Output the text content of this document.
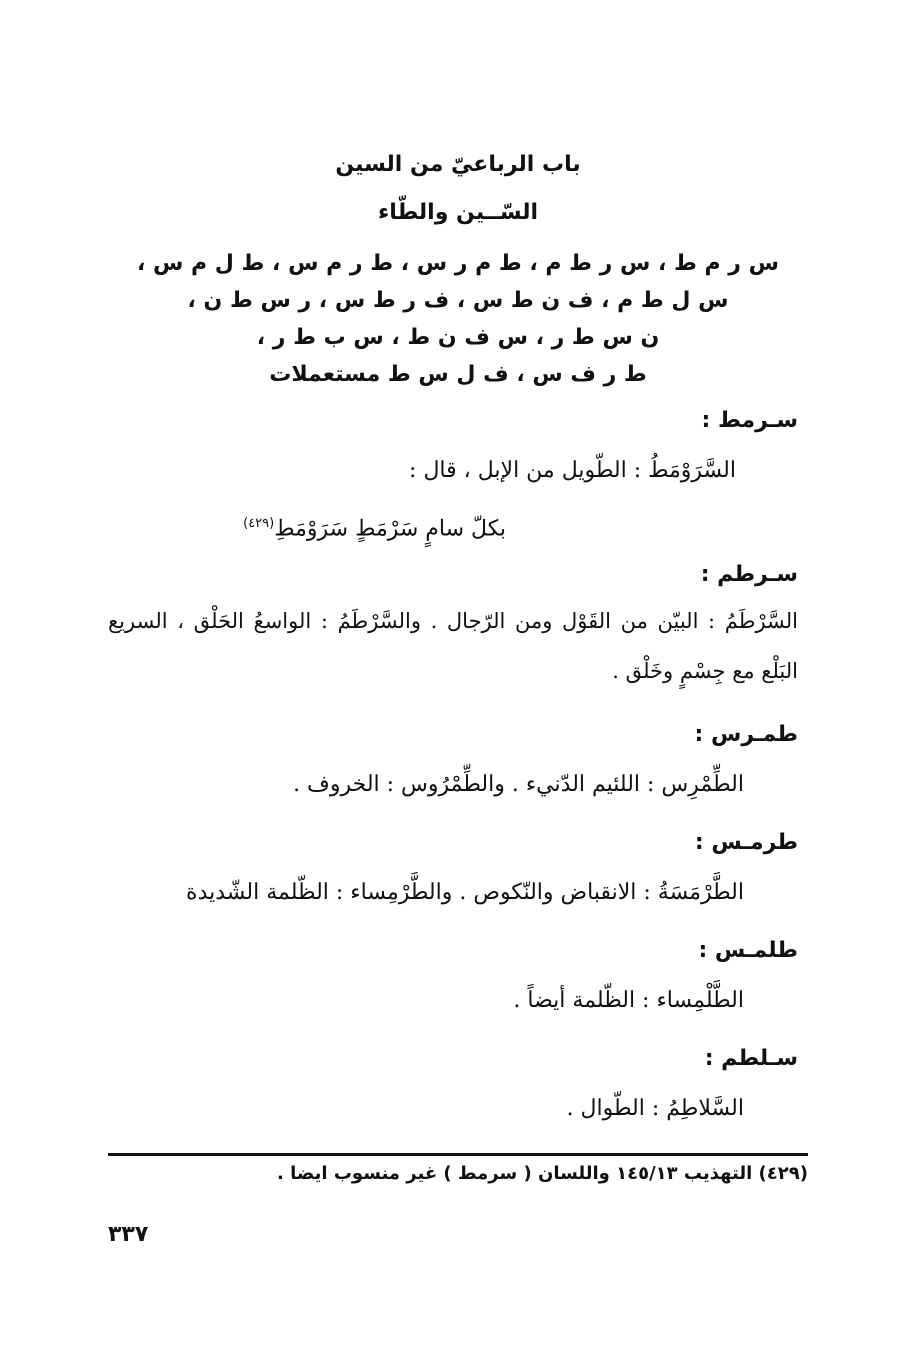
باب الرباعيّ من السين
السّــين والطّاء
س ر م ط ، س ر ط م ، ط م ر س ، ط ر م س ، ط ل م س ،
س ل ط م ، ف ن ط س ، ف ر ط س ، ر س ط ن ،
ن س ط ر ، س ف ن ط ، س ب ط ر ،
ط ر ف س ، ف ل س ط مستعملات
سـرمط :
السَّرَوْمَطُ : الطّويل من الإبل ، قال :
بكلّ سامٍ سَرْمَطٍ سَرَوْمَطِ$^{(٤٢٩)}$
سـرطم :
السَّرْطَمُ : البيّن من القَوْل ومن الرّجال . والسَّرْطَمُ : الواسعُ الحَلْق ، السريع البَلْع مع جِسْمٍ وخَلْق .
طمـرس :
الطِّمْرِس : اللئيم الدّنيء . والطِّمْرُوس : الخروف .
طرمـس :
الطَّرْمَسَةُ : الانقباض والنّكوص . والطَّرْمِساء : الظّلمة الشّديدة
طلمـس :
الطَّلْمِساء : الظّلمة أيضاً .
سـلطم :
السَّلاطِمُ : الطّوال .
(٤٢٩) التهذيب ١٤٥/١٣ واللسان ( سرمط ) غير منسوب ايضا .
٣٣٧
